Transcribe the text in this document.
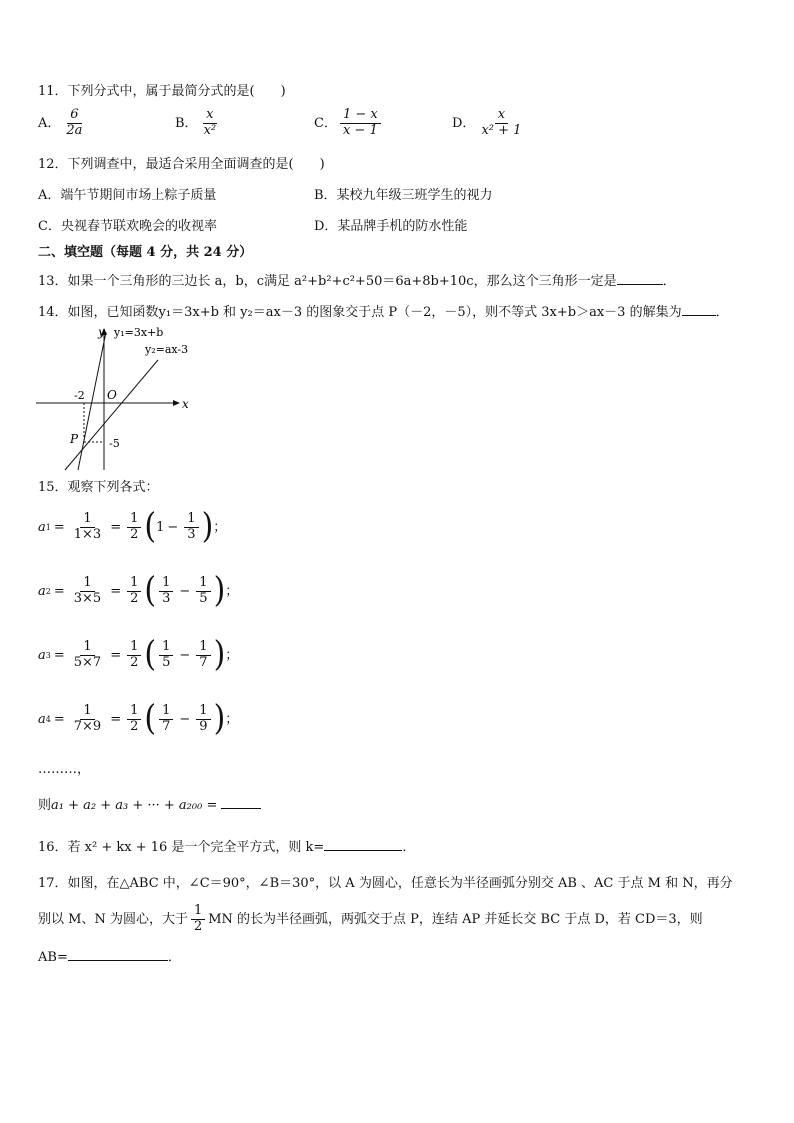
11．下列分式中，属于最简分式的是(　　)
A． $\frac{6}{2a}$	B． $\frac{x}{\text{x²}}$	C． $\frac{1 - x}{x - 1}$	D． $\frac{x}{\text{x² + 1}}$
12．下列调查中，最适合采用全面调查的是(　　)
A．端午节期间市场上粽子质量	B．某校九年级三班学生的视力
C．央视春节联欢晚会的收视率	D．某品牌手机的防水性能
二、填空题（每题 4 分，共 24 分）
13．如果一个三角形的三边长 a，b，c满足 a²+b²+c²+50＝6a+8b+10c，那么这个三角形一定是	．
14．如图，已知函数y₁＝3x+b 和 y₂＝ax－3 的图象交于点 P（－2，－5），则不等式 3x+b＞ax－3 的解集为	．
y y₁=3x+b
y₂=ax-3
x
O
-2
-5
P
15．观察下列各式：
a $1 = \frac{1}{1\times 3} = \frac{1}{2}$ ( $1 - \frac{1}{3}$ ) ；
a $2 = \frac{1}{3\times 5} = \frac{1}{2}$ ( $\frac{1}{3} - \frac{1}{5}$ ) ；
a $3 = \frac{1}{5\times 7} = \frac{1}{2}$ ( $\frac{1}{5} - \frac{1}{7}$ ) ；
a $4 = \frac{1}{7\times 9} = \frac{1}{2}$ ( $\frac{1}{7} - \frac{1}{9}$ ) ；
………，
则a₁ + a₂ + a₃ + ··· + a₂₀₀ =
16．若 x² + kx + 16 是一个完全平方式，则 k=	．
17．如图，在△ABC 中，∠C＝90°，∠B＝30°，以 A 为圆心，任意长为半径画弧分别交 AB 、AC 于点 M 和 N，再分
别以 M、N 为圆心，大于 $\frac{1}{2}$ MN 的长为半径画弧，两弧交于点 P，连结 AP 并延长交 BC 于点 D，若 CD＝3，则
AB=	．
